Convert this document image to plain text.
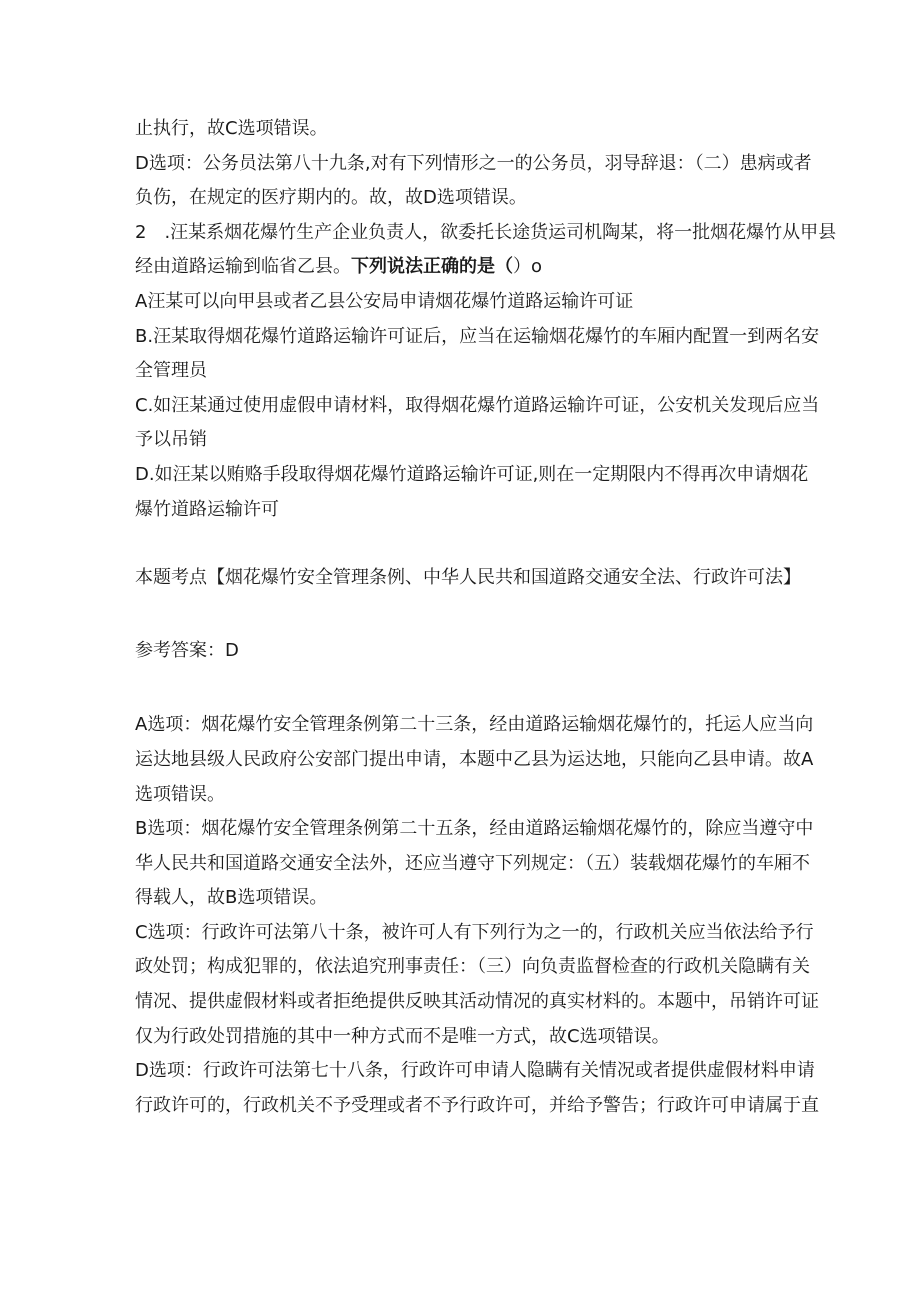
止执行，故C选项错误。
D选项：公务员法第八十九条,对有下列情形之一的公务员，羽导辞退：（二）患病或者
负伤，在规定的医疗期内的。故，故D选项错误。
2　.汪某系烟花爆竹生产企业负责人，欲委托长途货运司机陶某，将一批烟花爆竹从甲县
经由道路运输到临省乙县。下列说法正确的是（）o
A汪某可以向甲县或者乙县公安局申请烟花爆竹道路运输许可证
B.汪某取得烟花爆竹道路运输许可证后，应当在运输烟花爆竹的车厢内配置一到两名安
全管理员
C.如汪某通过使用虚假申请材料，取得烟花爆竹道路运输许可证，公安机关发现后应当
予以吊销
D.如汪某以贿赂手段取得烟花爆竹道路运输许可证,则在一定期限内不得再次申请烟花
爆竹道路运输许可
本题考点【烟花爆竹安全管理条例、中华人民共和国道路交通安全法、行政许可法】
参考答案：D
A选项：烟花爆竹安全管理条例第二十三条，经由道路运输烟花爆竹的，托运人应当向
运达地县级人民政府公安部门提出申请，本题中乙县为运达地，只能向乙县申请。故A
选项错误。
B选项：烟花爆竹安全管理条例第二十五条，经由道路运输烟花爆竹的，除应当遵守中
华人民共和国道路交通安全法外，还应当遵守下列规定：（五）装载烟花爆竹的车厢不
得载人，故B选项错误。
C选项：行政许可法第八十条，被许可人有下列行为之一的，行政机关应当依法给予行
政处罚；构成犯罪的，依法追究刑事责任：（三）向负责监督检查的行政机关隐瞒有关
情况、提供虚假材料或者拒绝提供反映其活动情况的真实材料的。本题中，吊销许可证
仅为行政处罚措施的其中一种方式而不是唯一方式，故C选项错误。
D选项：行政许可法第七十八条，行政许可申请人隐瞒有关情况或者提供虚假材料申请
行政许可的，行政机关不予受理或者不予行政许可，并给予警告；行政许可申请属于直
